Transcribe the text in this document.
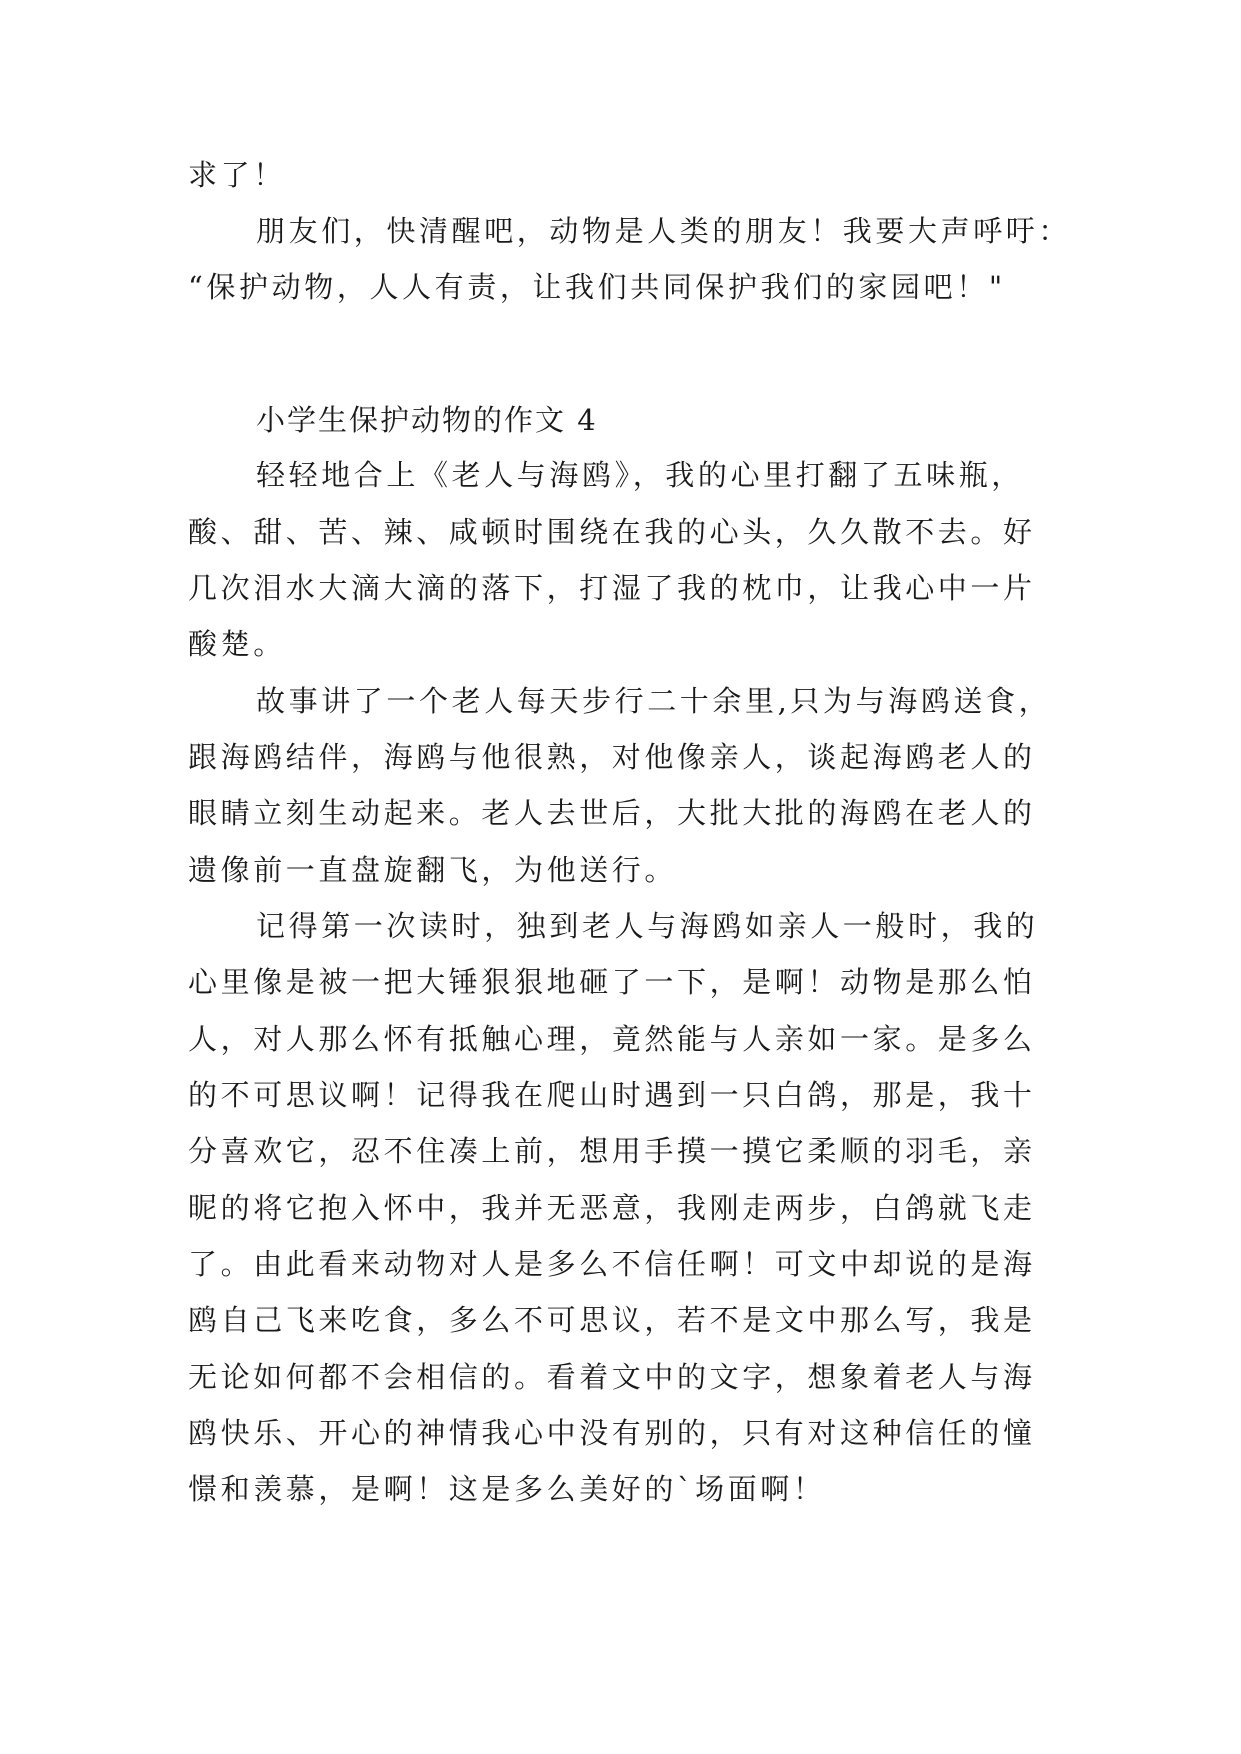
求了！
朋友们，快清醒吧，动物是人类的朋友！我要大声呼吁：
“保护动物，人人有责，让我们共同保护我们的家园吧！"
小学生保护动物的作文 4
轻轻地合上《老人与海鸥》，我的心里打翻了五味瓶，
酸、甜、苦、辣、咸顿时围绕在我的心头，久久散不去。好
几次泪水大滴大滴的落下，打湿了我的枕巾，让我心中一片
酸楚。
故事讲了一个老人每天步行二十余里,只为与海鸥送食，
跟海鸥结伴，海鸥与他很熟，对他像亲人，谈起海鸥老人的
眼睛立刻生动起来。老人去世后，大批大批的海鸥在老人的
遗像前一直盘旋翻飞，为他送行。
记得第一次读时，独到老人与海鸥如亲人一般时，我的
心里像是被一把大锤狠狠地砸了一下，是啊！动物是那么怕
人，对人那么怀有抵触心理，竟然能与人亲如一家。是多么
的不可思议啊！记得我在爬山时遇到一只白鸽，那是，我十
分喜欢它，忍不住凑上前，想用手摸一摸它柔顺的羽毛，亲
昵的将它抱入怀中，我并无恶意，我刚走两步，白鸽就飞走
了。由此看来动物对人是多么不信任啊！可文中却说的是海
鸥自己飞来吃食，多么不可思议，若不是文中那么写，我是
无论如何都不会相信的。看着文中的文字，想象着老人与海
鸥快乐、开心的神情我心中没有别的，只有对这种信任的憧
憬和羡慕，是啊！这是多么美好的`场面啊！
